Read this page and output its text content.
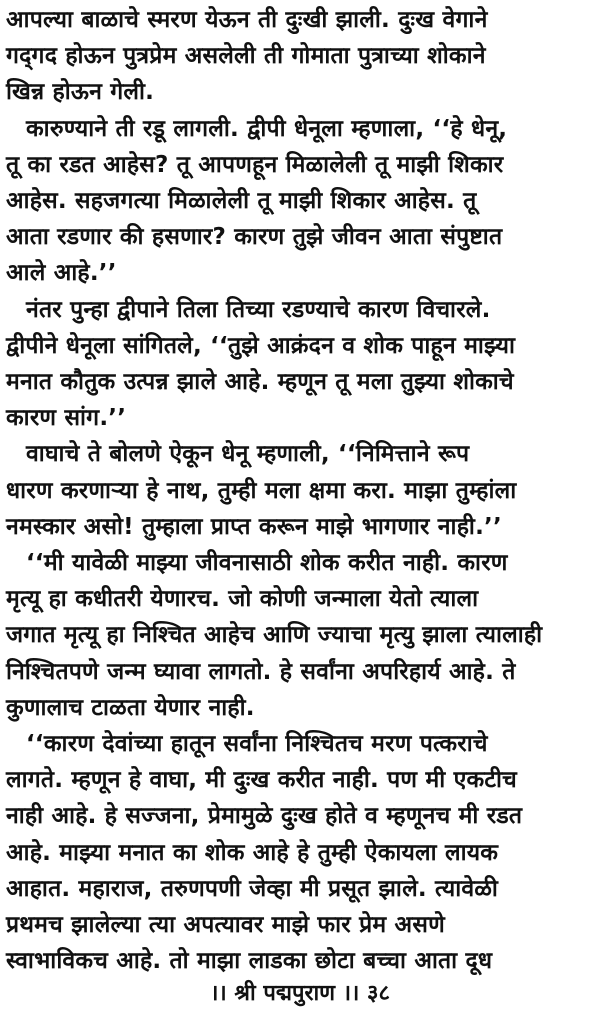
आपल्या बाळाचे स्मरण येऊन ती दुःखी झाली. दुःख वेगाने
गद्‌गद होऊन पुत्रप्रेम असलेली ती गोमाता पुत्राच्या शोकाने
खिन्न होऊन गेली.
कारुण्याने ती रडू लागली. द्वीपी धेनूला म्हणाला, ‘‘हे धेनू,
तू का रडत आहेस? तू आपणहून मिळालेली तू माझी शिकार
आहेस. सहजगत्या मिळालेली तू माझी शिकार आहेस. तू
आता रडणार की हसणार? कारण तुझे जीवन आता संपुष्टात
आले आहे.’’
नंतर पुन्हा द्वीपाने तिला तिच्या रडण्याचे कारण विचारले.
द्वीपीने धेनूला सांगितले, ‘‘तुझे आक्रंदन व शोक पाहून माझ्या
मनात कौतुक उत्पन्न झाले आहे. म्हणून तू मला तुझ्या शोकाचे
कारण सांग.’’
वाघाचे ते बोलणे ऐकून धेनू म्हणाली, ‘‘निमित्ताने रूप
धारण करणाऱ्या हे नाथ, तुम्ही मला क्षमा करा. माझा तुम्हांला
नमस्कार असो! तुम्हाला प्राप्त करून माझे भागणार नाही.’’
‘‘मी यावेळी माझ्या जीवनासाठी शोक करीत नाही. कारण
मृत्यू हा कधीतरी येणारच. जो कोणी जन्माला येतो त्याला
जगात मृत्यू हा निश्चित आहेच आणि ज्याचा मृत्यु झाला त्यालाही
निश्चितपणे जन्म घ्यावा लागतो. हे सर्वांना अपरिहार्य आहे. ते
कुणालाच टाळता येणार नाही.
‘‘कारण देवांच्या हातून सर्वांना निश्चितच मरण पत्कराचे
लागते. म्हणून हे वाघा, मी दुःख करीत नाही. पण मी एकटीच
नाही आहे. हे सज्जना, प्रेमामुळे दुःख होते व म्हणूनच मी रडत
आहे. माझ्या मनात का शोक आहे हे तुम्ही ऐकायला लायक
आहात. महाराज, तरुणपणी जेव्हा मी प्रसूत झाले. त्यावेळी
प्रथमच झालेल्या त्या अपत्यावर माझे फार प्रेम असणे
स्वाभाविकच आहे. तो माझा लाडका छोटा बच्चा आता दूध
।। श्री पद्मपुराण ।। ३८
